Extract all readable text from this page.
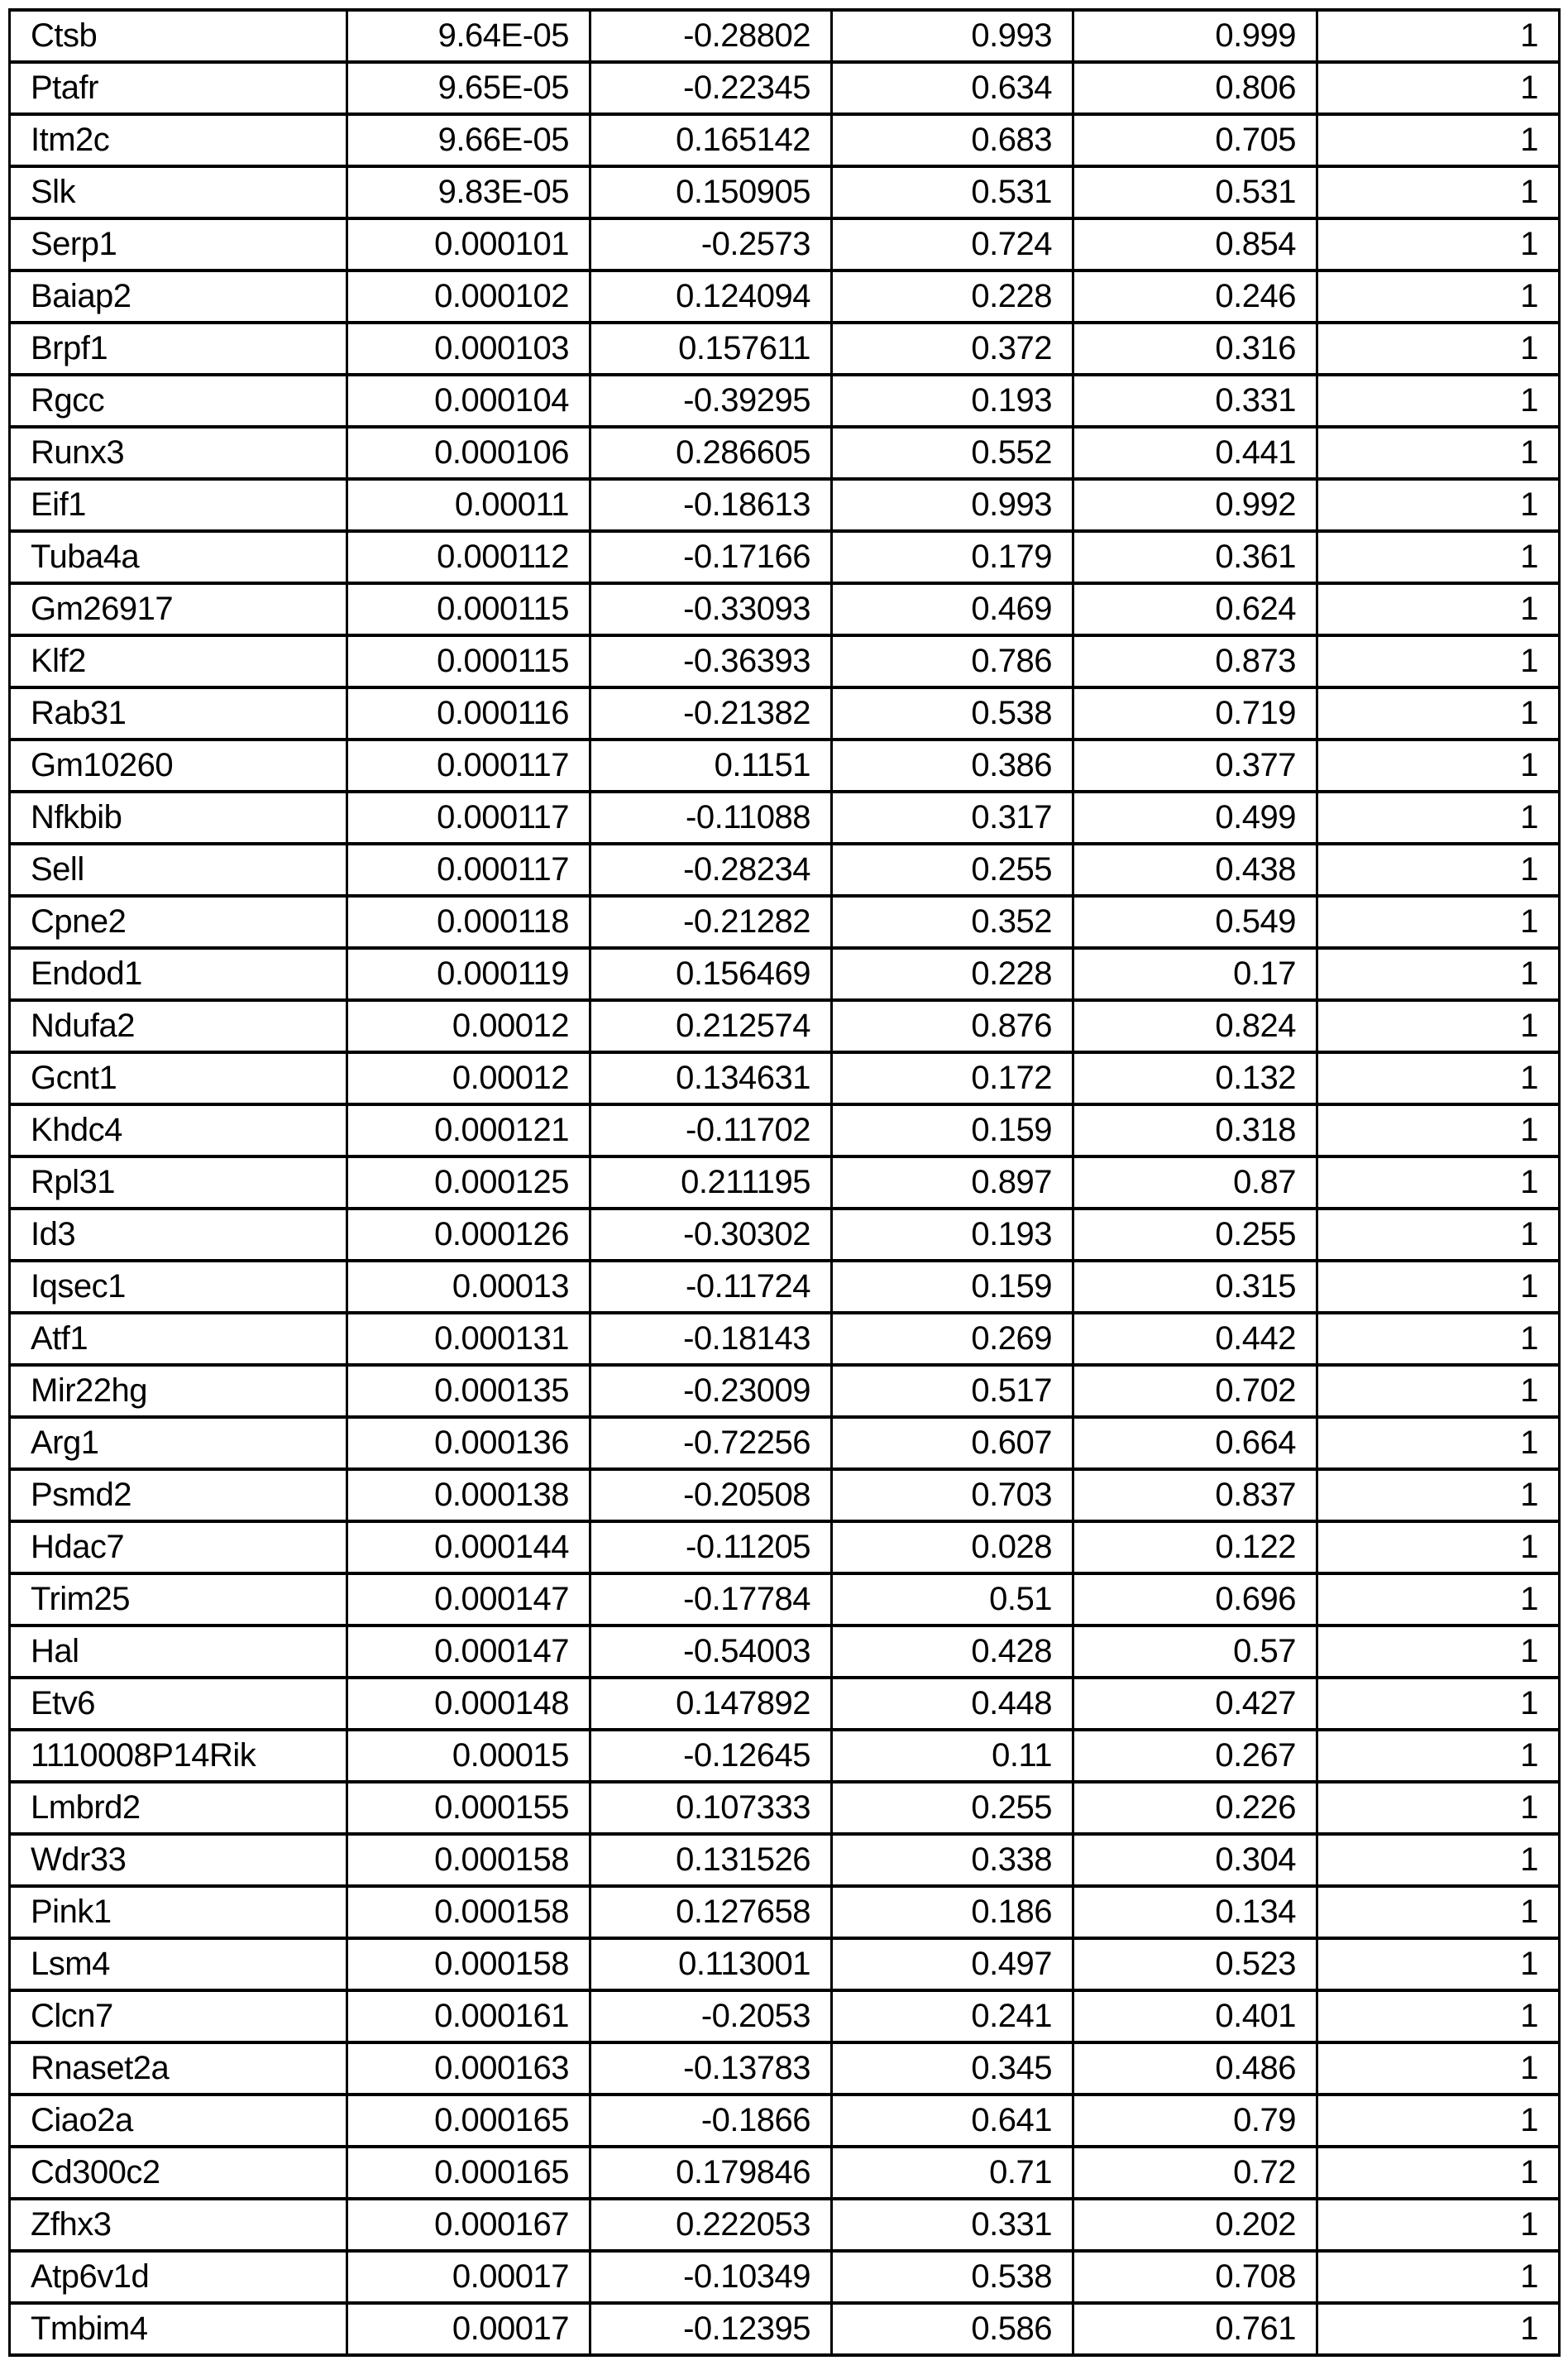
Ctsb	9.64E-05	-0.28802	0.993	0.999	1
Ptafr	9.65E-05	-0.22345	0.634	0.806	1
Itm2c	9.66E-05	0.165142	0.683	0.705	1
Slk	9.83E-05	0.150905	0.531	0.531	1
Serp1	0.000101	-0.2573	0.724	0.854	1
Baiap2	0.000102	0.124094	0.228	0.246	1
Brpf1	0.000103	0.157611	0.372	0.316	1
Rgcc	0.000104	-0.39295	0.193	0.331	1
Runx3	0.000106	0.286605	0.552	0.441	1
Eif1	0.00011	-0.18613	0.993	0.992	1
Tuba4a	0.000112	-0.17166	0.179	0.361	1
Gm26917	0.000115	-0.33093	0.469	0.624	1
Klf2	0.000115	-0.36393	0.786	0.873	1
Rab31	0.000116	-0.21382	0.538	0.719	1
Gm10260	0.000117	0.1151	0.386	0.377	1
Nfkbib	0.000117	-0.11088	0.317	0.499	1
Sell	0.000117	-0.28234	0.255	0.438	1
Cpne2	0.000118	-0.21282	0.352	0.549	1
Endod1	0.000119	0.156469	0.228	0.17	1
Ndufa2	0.00012	0.212574	0.876	0.824	1
Gcnt1	0.00012	0.134631	0.172	0.132	1
Khdc4	0.000121	-0.11702	0.159	0.318	1
Rpl31	0.000125	0.211195	0.897	0.87	1
Id3	0.000126	-0.30302	0.193	0.255	1
Iqsec1	0.00013	-0.11724	0.159	0.315	1
Atf1	0.000131	-0.18143	0.269	0.442	1
Mir22hg	0.000135	-0.23009	0.517	0.702	1
Arg1	0.000136	-0.72256	0.607	0.664	1
Psmd2	0.000138	-0.20508	0.703	0.837	1
Hdac7	0.000144	-0.11205	0.028	0.122	1
Trim25	0.000147	-0.17784	0.51	0.696	1
Hal	0.000147	-0.54003	0.428	0.57	1
Etv6	0.000148	0.147892	0.448	0.427	1
1110008P14Rik	0.00015	-0.12645	0.11	0.267	1
Lmbrd2	0.000155	0.107333	0.255	0.226	1
Wdr33	0.000158	0.131526	0.338	0.304	1
Pink1	0.000158	0.127658	0.186	0.134	1
Lsm4	0.000158	0.113001	0.497	0.523	1
Clcn7	0.000161	-0.2053	0.241	0.401	1
Rnaset2a	0.000163	-0.13783	0.345	0.486	1
Ciao2a	0.000165	-0.1866	0.641	0.79	1
Cd300c2	0.000165	0.179846	0.71	0.72	1
Zfhx3	0.000167	0.222053	0.331	0.202	1
Atp6v1d	0.00017	-0.10349	0.538	0.708	1
Tmbim4	0.00017	-0.12395	0.586	0.761	1
